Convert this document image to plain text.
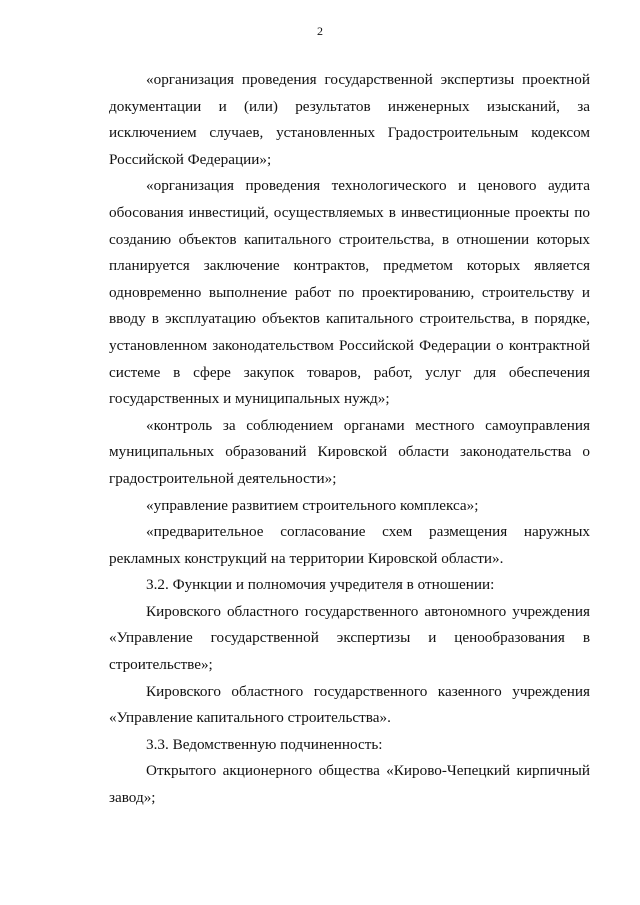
2

«организация проведения государственной экспертизы проектной документации и (или) результатов инженерных изысканий, за исключением случаев, установленных Градостроительным кодексом Российской Федерации»;

«организация проведения технологического и ценового аудита обосования инвестиций, осуществляемых в инвестиционные проекты по созданию объектов капитального строительства, в отношении которых планируется заключение контрактов, предметом которых является одновременно выполнение работ по проектированию, строительству и вводу в эксплуатацию объектов капитального строительства, в порядке, установленном законодательством Российской Федерации о контрактной системе в сфере закупок товаров, работ, услуг для обеспечения государственных и муниципальных нужд»;

«контроль за соблюдением органами местного самоуправления муниципальных образований Кировской области законодательства о градостроительной деятельности»;

«управление развитием строительного комплекса»;

«предварительное согласование схем размещения наружных рекламных конструкций на территории Кировской области».

3.2. Функции и полномочия учредителя в отношении:

Кировского областного государственного автономного учреждения «Управление государственной экспертизы и ценообразования в строительстве»;

Кировского областного государственного казенного учреждения «Управление капитального строительства».

3.3. Ведомственную подчиненность:

Открытого акционерного общества «Кирово-Чепецкий кирпичный завод»;
